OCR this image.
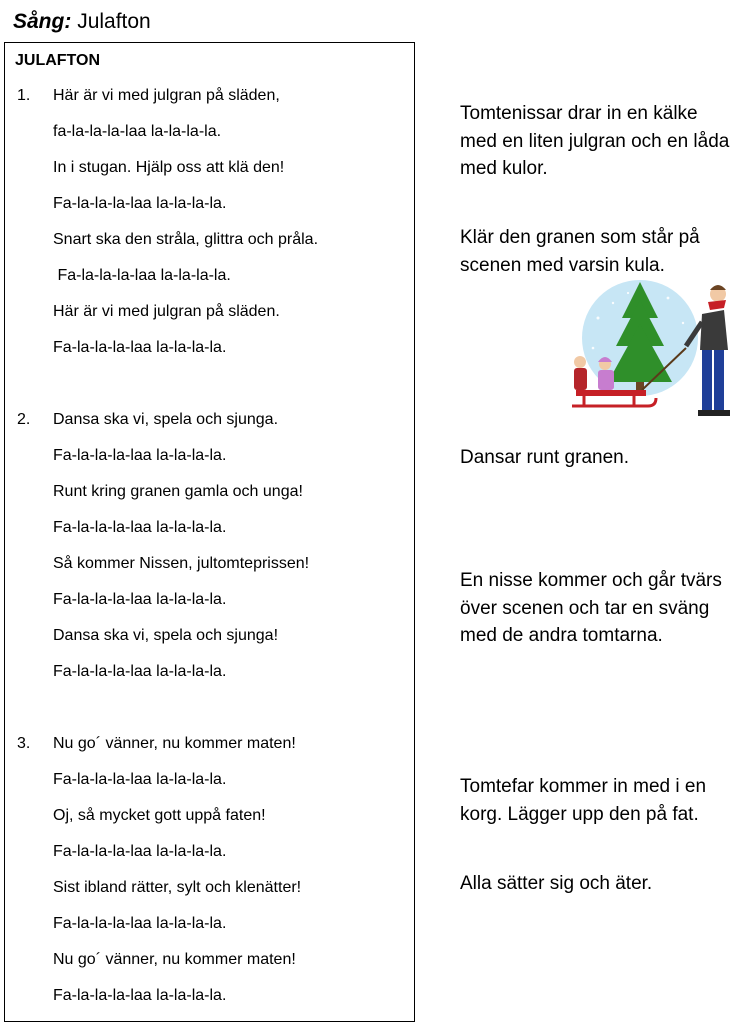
Sång: Julafton
JULAFTON
1. Här är vi med julgran på släden,
fa-la-la-la-laa la-la-la-la.
In i stugan. Hjälp oss att klä den!
Fa-la-la-la-laa la-la-la-la.
Snart ska den stråla, glittra och pråla.
Fa-la-la-la-laa la-la-la-la.
Här är vi med julgran på släden.
Fa-la-la-la-laa la-la-la-la.
2. Dansa ska vi, spela och sjunga.
Fa-la-la-la-laa la-la-la-la.
Runt kring granen gamla och unga!
Fa-la-la-la-laa la-la-la-la.
Så kommer Nissen, jultomteprissen!
Fa-la-la-la-laa la-la-la-la.
Dansa ska vi, spela och sjunga!
Fa-la-la-la-laa la-la-la-la.
3. Nu go´ vänner, nu kommer maten!
Fa-la-la-la-laa la-la-la-la.
Oj, så mycket gott uppå faten!
Fa-la-la-la-laa la-la-la-la.
Sist ibland rätter, sylt och klenätter!
Fa-la-la-la-laa la-la-la-la.
Nu go´ vänner, nu kommer maten!
Fa-la-la-la-laa la-la-la-la.
Tomtenissar drar in en kälke med en liten julgran och en låda med kulor.
Klär den granen som står på scenen med varsin kula.
Dansar runt granen.
En nisse kommer och går tvärs över scenen och tar en sväng med de andra tomtarna.
Tomtefar kommer in med i en korg. Lägger upp den på fat.
Alla sätter sig och äter.
